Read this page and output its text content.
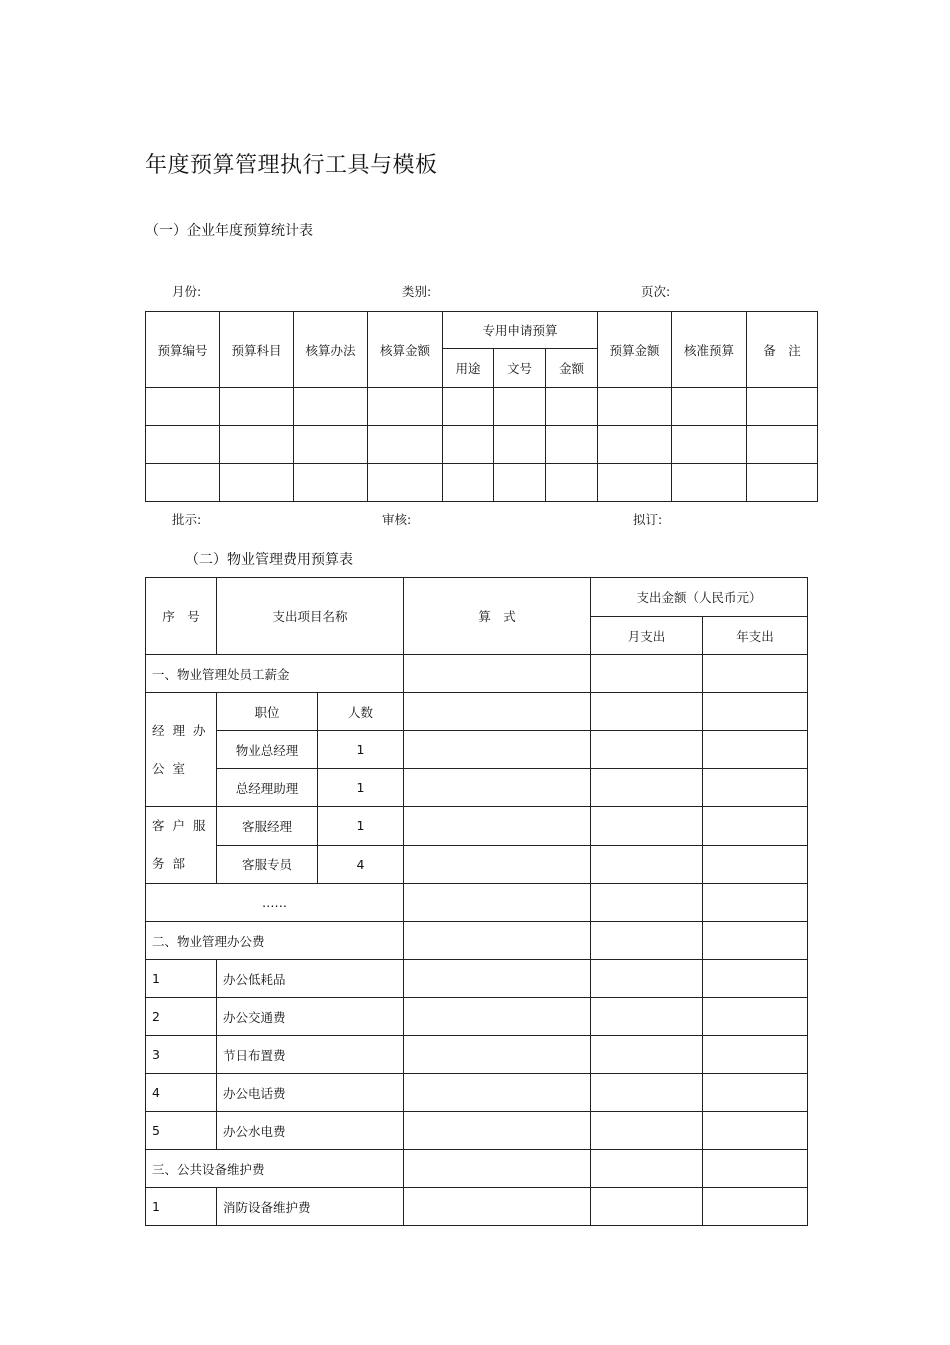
年度预算管理执行工具与模板
（一）企业年度预算统计表
月份:	类别:	页次:
预算编号	预算科目	核算办法	核算金额	专用申请预算			预算金额	核准预算	备　注
				用途	文号	金额			

批示:	审核:	拟订:
（二）物业管理费用预算表
序　号	支出项目名称		算　式	支出金额（人民币元）	
				月支出	年支出
一、物业管理处员工薪金					

经理办
公室	职位	人数			
	物业总经理	1			
	总经理助理	1			

客户服
务部	客服经理	1			
	客服专员	4			
……					
二、物业管理办公费					
1	办公低耗品				
2	办公交通费				
3	节日布置费				
4	办公电话费				
5	办公水电费				
三、公共设备维护费					
1	消防设备维护费				
